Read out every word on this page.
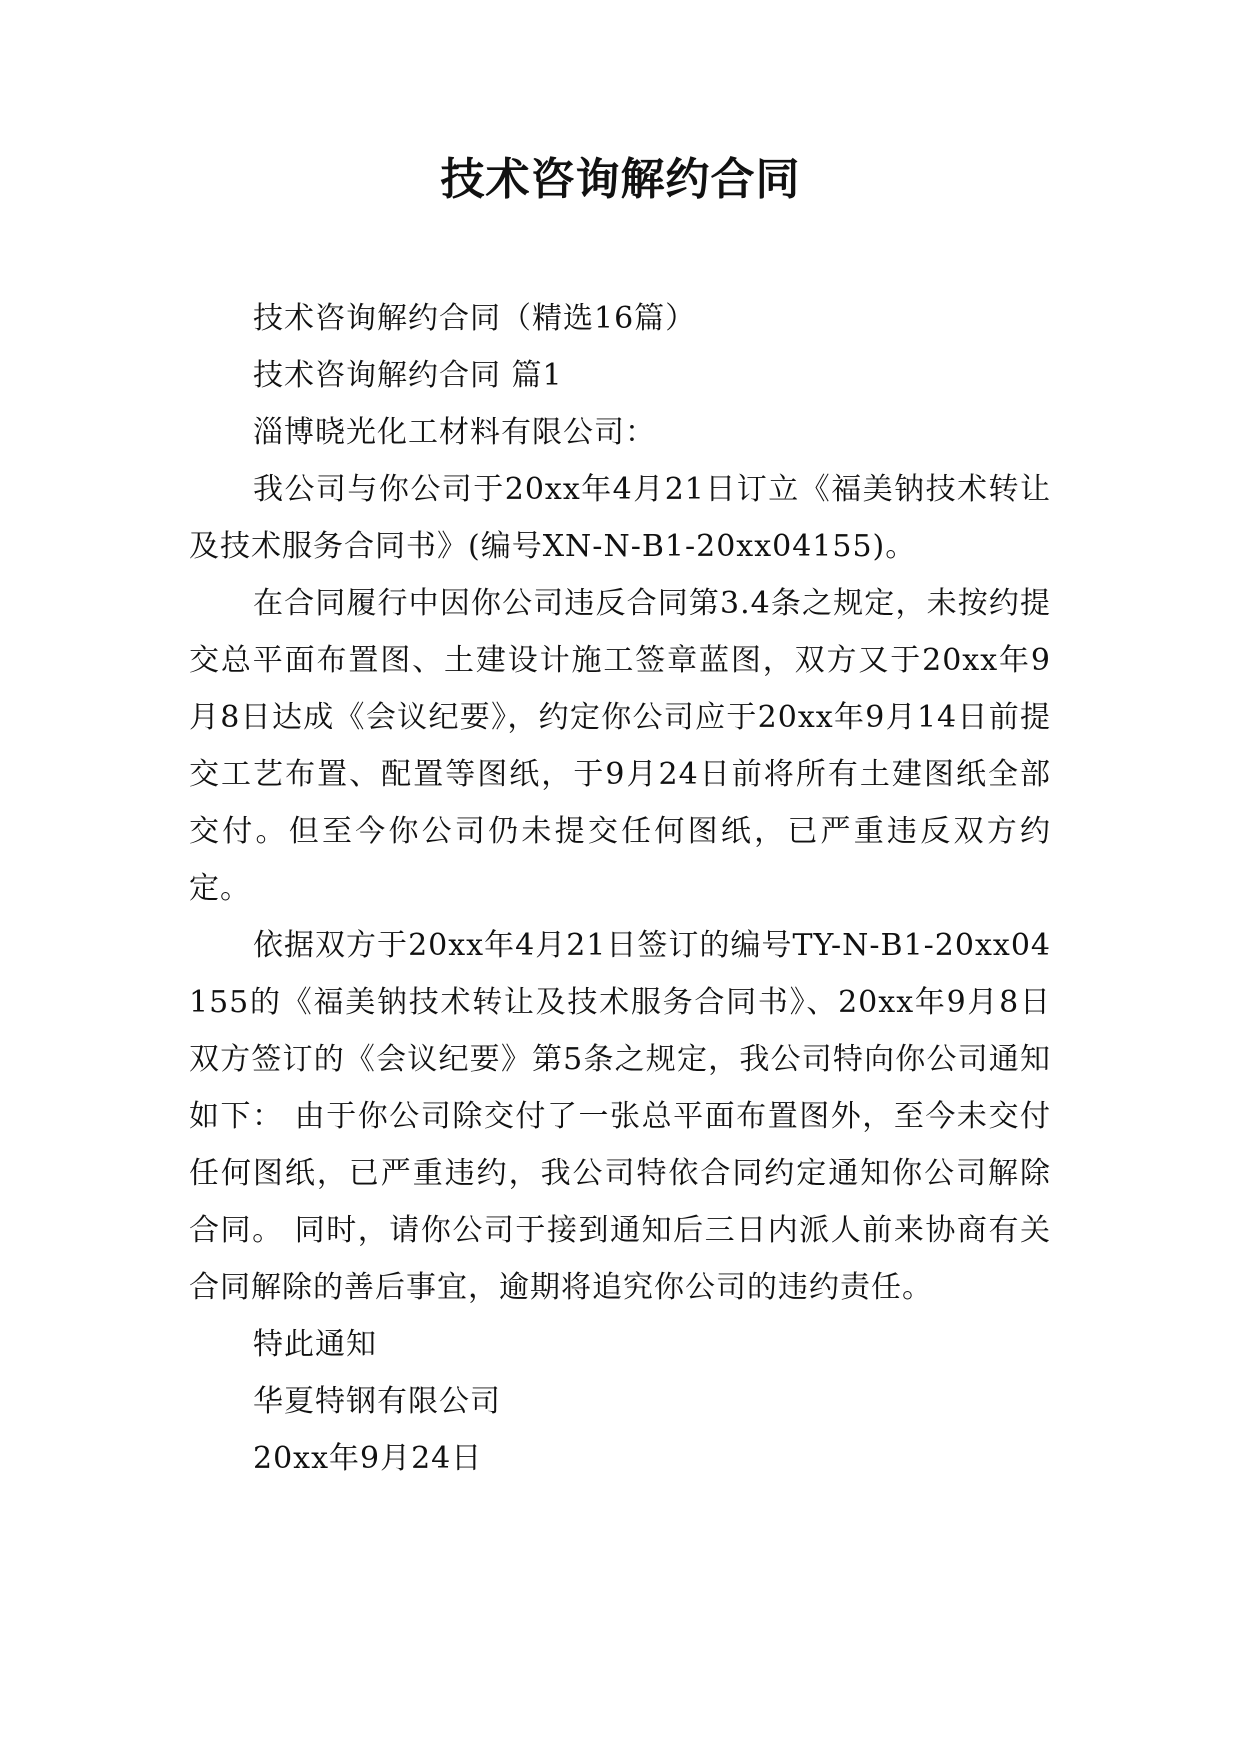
技术咨询解约合同

技术咨询解约合同（精选16篇）

技术咨询解约合同 篇1

淄博晓光化工材料有限公司：

我公司与你公司于20xx年4月21日订立《福美钠技术转让及技术服务合同书》(编号XN-N-B1-20xx04155)。

在合同履行中因你公司违反合同第3.4条之规定，未按约提交总平面布置图、土建设计施工签章蓝图，双方又于20xx年9月8日达成《会议纪要》，约定你公司应于20xx年9月14日前提交工艺布置、配置等图纸，于9月24日前将所有土建图纸全部交付。但至今你公司仍未提交任何图纸，已严重违反双方约定。

依据双方于20xx年4月21日签订的编号TY-N-B1-20xx04155的《福美钠技术转让及技术服务合同书》、20xx年9月8日双方签订的《会议纪要》第5条之规定，我公司特向你公司通知如下： 由于你公司除交付了一张总平面布置图外，至今未交付任何图纸，已严重违约，我公司特依合同约定通知你公司解除合同。 同时，请你公司于接到通知后三日内派人前来协商有关合同解除的善后事宜，逾期将追究你公司的违约责任。

特此通知

华夏特钢有限公司

20xx年9月24日
